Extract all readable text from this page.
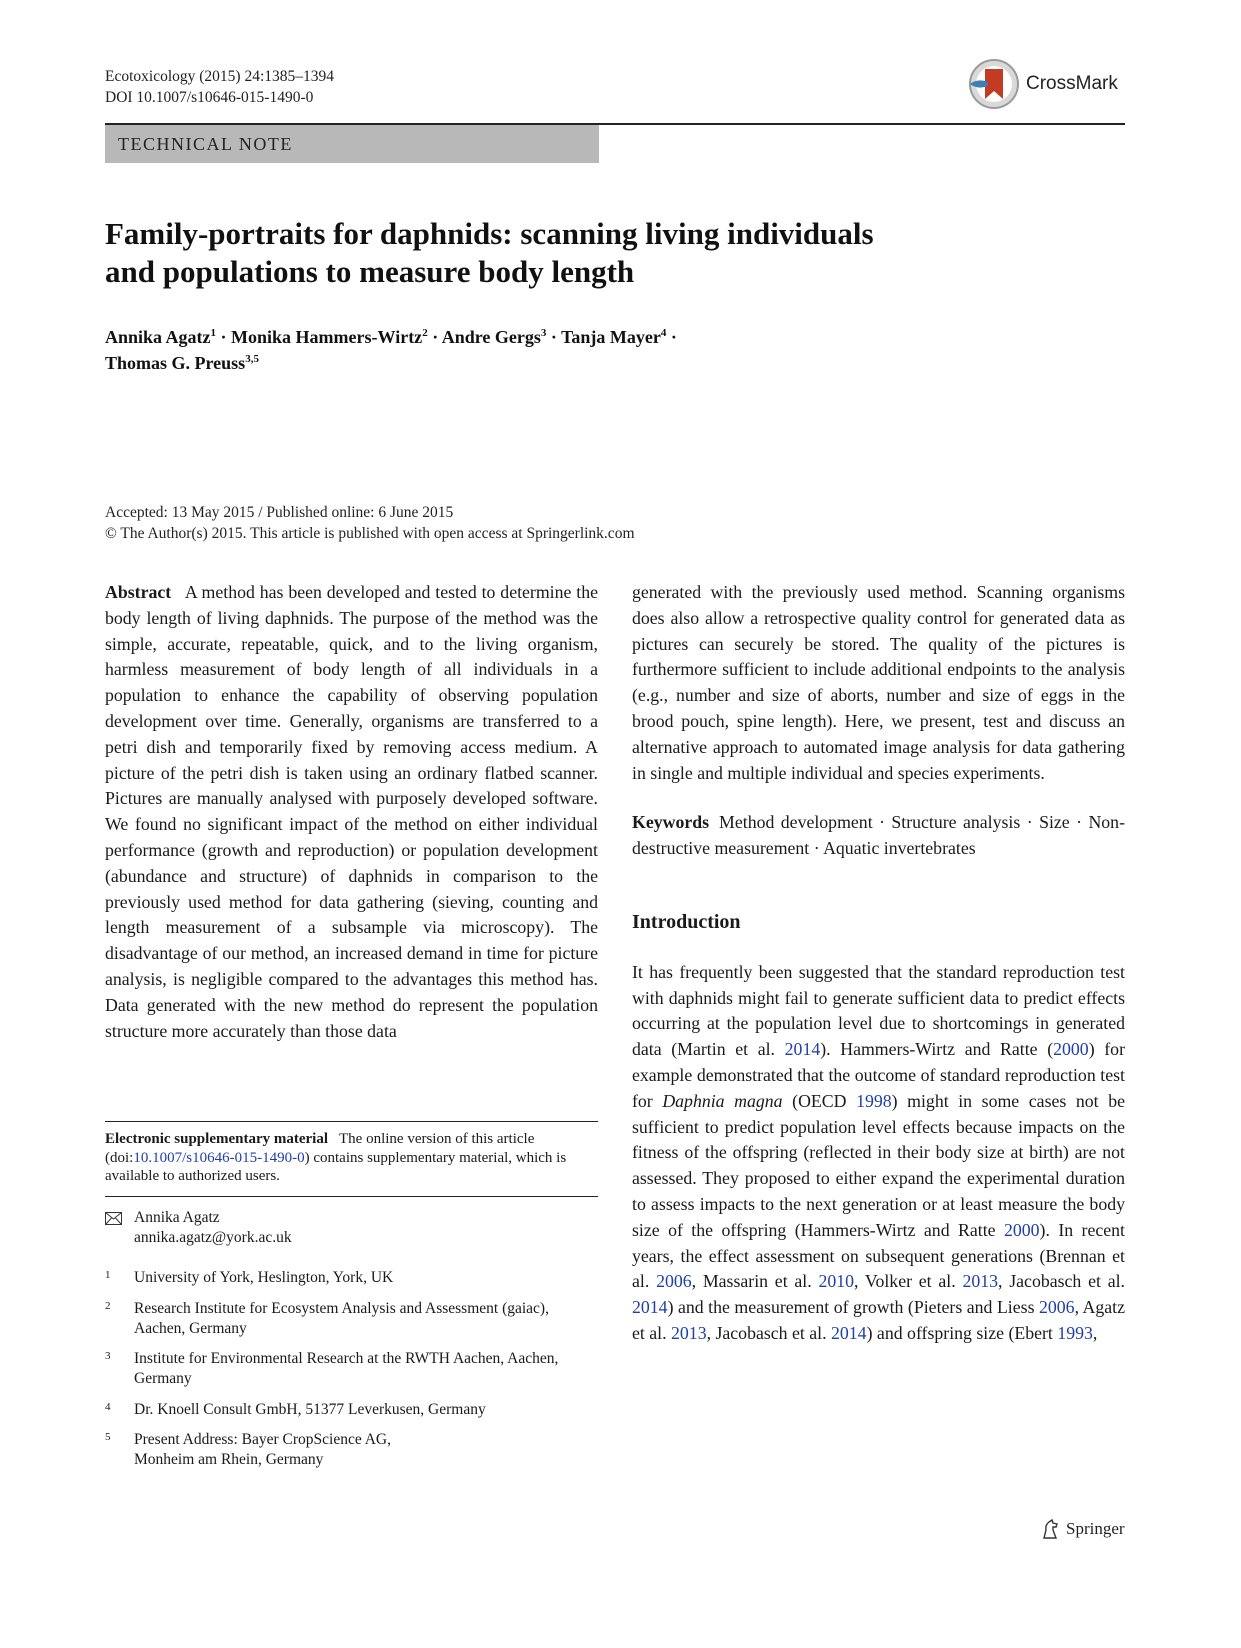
Ecotoxicology (2015) 24:1385–1394
DOI 10.1007/s10646-015-1490-0
CrossMark
TECHNICAL NOTE
Family-portraits for daphnids: scanning living individuals
and populations to measure body length
Annika Agatz$^1$ · Monika Hammers-Wirtz$^2$ · Andre Gergs$^3$ · Tanja Mayer$^4$ ·
Thomas G. Preuss$^{3,5}$
Accepted: 13 May 2015 / Published online: 6 June 2015
© The Author(s) 2015. This article is published with open access at Springerlink.com

Abstract A method has been developed and tested to determine the body length of living daphnids. The purpose of the method was the simple, accurate, repeatable, quick, and to the living organism, harmless measurement of body length of all individuals in a population to enhance the capability of observing population development over time. Generally, organisms are transferred to a petri dish and temporarily fixed by removing access medium. A picture of the petri dish is taken using an ordinary flatbed scanner. Pictures are manually analysed with purposely developed software. We found no significant impact of the method on either individual performance (growth and reproduction) or population development (abundance and structure) of daphnids in comparison to the previously used method for data gathering (sieving, counting and length measurement of a subsample via microscopy). The disadvantage of our method, an increased demand in time for picture analysis, is negligible compared to the advantages this method has. Data generated with the new method do represent the population structure more accurately than those data

Electronic supplementary material The online version of this article (doi:10.1007/s10646-015-1490-0) contains supplementary material, which is available to authorized users.
Annika Agatz
annika.agatz@york.ac.uk
1 University of York, Heslington, York, UK
2 Research Institute for Ecosystem Analysis and Assessment (gaiac), Aachen, Germany
3 Institute for Environmental Research at the RWTH Aachen, Aachen, Germany
4 Dr. Knoell Consult GmbH, 51377 Leverkusen, Germany
5 Present Address: Bayer CropScience AG, Monheim am Rhein, Germany

generated with the previously used method. Scanning organisms does also allow a retrospective quality control for generated data as pictures can securely be stored. The quality of the pictures is furthermore sufficient to include additional endpoints to the analysis (e.g., number and size of aborts, number and size of eggs in the brood pouch, spine length). Here, we present, test and discuss an alternative approach to automated image analysis for data gathering in single and multiple individual and species experiments.

Keywords Method development · Structure analysis · Size · Non-destructive measurement · Aquatic invertebrates

Introduction

It has frequently been suggested that the standard reproduction test with daphnids might fail to generate sufficient data to predict effects occurring at the population level due to shortcomings in generated data (Martin et al. 2014). Hammers-Wirtz and Ratte (2000) for example demonstrated that the outcome of standard reproduction test for Daphnia magna (OECD 1998) might in some cases not be sufficient to predict population level effects because impacts on the fitness of the offspring (reflected in their body size at birth) are not assessed. They proposed to either expand the experimental duration to assess impacts to the next generation or at least measure the body size of the offspring (Hammers-Wirtz and Ratte 2000). In recent years, the effect assessment on subsequent generations (Brennan et al. 2006, Massarin et al. 2010, Volker et al. 2013, Jacobasch et al. 2014) and the measurement of growth (Pieters and Liess 2006, Agatz et al. 2013, Jacobasch et al. 2014) and offspring size (Ebert 1993,

Springer
